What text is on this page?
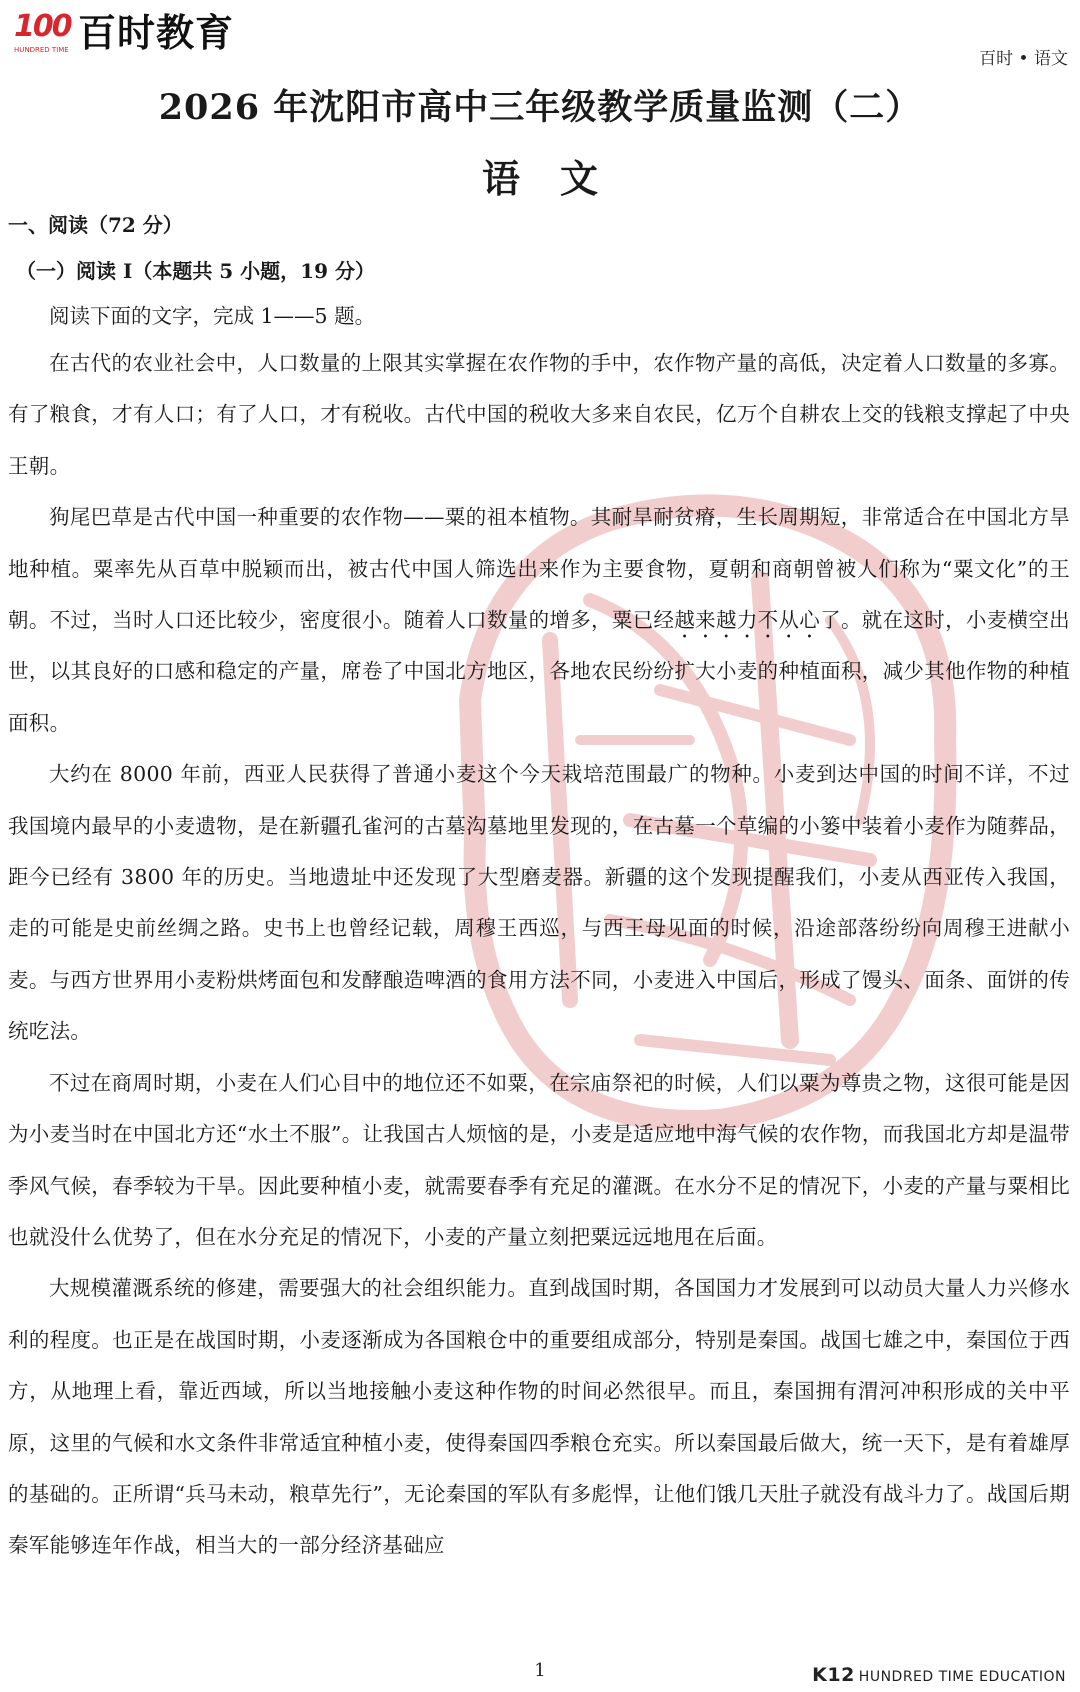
100
HUNDRED TIME 百时教育
百时 • 语文
2026 年沈阳市高中三年级教学质量监测（二）
语文
一、阅读（72 分）
（一）阅读 I（本题共 5 小题，19 分）

阅读下面的文字，完成 1——5 题。

在古代的农业社会中，人口数量的上限其实掌握在农作物的手中，农作物产量的高低，决定着人口数量的多寡。有了粮食，才有人口；有了人口，才有税收。古代中国的税收大多来自农民，亿万个自耕农上交的钱粮支撑起了中央王朝。

狗尾巴草是古代中国一种重要的农作物——粟的祖本植物。其耐旱耐贫瘠，生长周期短，非常适合在中国北方旱地种植。粟率先从百草中脱颖而出，被古代中国人筛选出来作为主要食物，夏朝和商朝曾被人们称为“粟文化”的王朝。不过，当时人口还比较少，密度很小。随着人口数量的增多，粟已经越来越力不从心了。就在这时，小麦横空出世，以其良好的口感和稳定的产量，席卷了中国北方地区，各地农民纷纷扩大小麦的种植面积，减少其他作物的种植面积。

大约在 8000 年前，西亚人民获得了普通小麦这个今天栽培范围最广的物种。小麦到达中国的时间不详，不过我国境内最早的小麦遗物，是在新疆孔雀河的古墓沟墓地里发现的，在古墓一个草编的小篓中装着小麦作为随葬品，距今已经有 3800 年的历史。当地遗址中还发现了大型磨麦器。新疆的这个发现提醒我们，小麦从西亚传入我国，走的可能是史前丝绸之路。史书上也曾经记载，周穆王西巡，与西王母见面的时候，沿途部落纷纷向周穆王进献小麦。与西方世界用小麦粉烘烤面包和发酵酿造啤酒的食用方法不同，小麦进入中国后，形成了馒头、面条、面饼的传统吃法。

不过在商周时期，小麦在人们心目中的地位还不如粟，在宗庙祭祀的时候，人们以粟为尊贵之物，这很可能是因为小麦当时在中国北方还“水土不服”。让我国古人烦恼的是，小麦是适应地中海气候的农作物，而我国北方却是温带季风气候，春季较为干旱。因此要种植小麦，就需要春季有充足的灌溉。在水分不足的情况下，小麦的产量与粟相比也就没什么优势了，但在水分充足的情况下，小麦的产量立刻把粟远远地甩在后面。

大规模灌溉系统的修建，需要强大的社会组织能力。直到战国时期，各国国力才发展到可以动员大量人力兴修水利的程度。也正是在战国时期，小麦逐渐成为各国粮仓中的重要组成部分，特别是秦国。战国七雄之中，秦国位于西方，从地理上看，靠近西域，所以当地接触小麦这种作物的时间必然很早。而且，秦国拥有渭河冲积形成的关中平原，这里的气候和水文条件非常适宜种植小麦，使得秦国四季粮仓充实。所以秦国最后做大，统一天下，是有着雄厚的基础的。正所谓“兵马未动，粮草先行”，无论秦国的军队有多彪悍，让他们饿几天肚子就没有战斗力了。战国后期秦军能够连年作战，相当大的一部分经济基础应

1	K12 HUNDRED TIME EDUCATION
